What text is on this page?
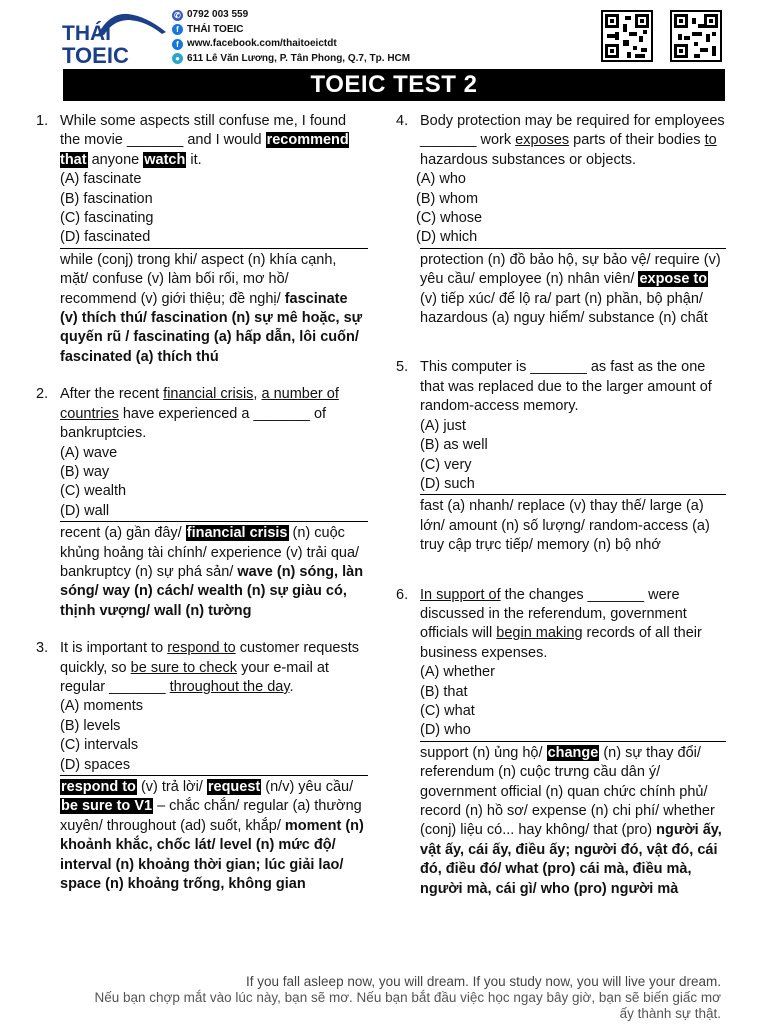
THÁI
TOEIC
✆ 0792 003 559
f THÁI TOEIC
f www.facebook.com/thaitoeictdt
● 611 Lê Văn Lương, P. Tân Phong, Q.7, Tp. HCM
TOEIC TEST 2
1. While some aspects still confuse me, I found the movie _______ and I would recommend that anyone watch it.
(A) fascinate
(B) fascination
(C) fascinating
(D) fascinated
while (conj) trong khi/ aspect (n) khía cạnh, mặt/ confuse (v) làm bối rối, mơ hồ/ recommend (v) giới thiệu; đề nghị/ fascinate (v) thích thú/ fascination (n) sự mê hoặc, sự quyến rũ / fascinating (a) hấp dẫn, lôi cuốn/ fascinated (a) thích thú
2. After the recent financial crisis, a number of countries have experienced a _______ of bankruptcies.
(A) wave
(B) way
(C) wealth
(D) wall
recent (a) gần đây/ financial crisis (n) cuộc khủng hoảng tài chính/ experience (v) trải qua/ bankruptcy (n) sự phá sản/ wave (n) sóng, làn sóng/ way (n) cách/ wealth (n) sự giàu có, thịnh vượng/ wall (n) tường
3. It is important to respond to customer requests quickly, so be sure to check your e-mail at regular _______ throughout the day.
(A) moments
(B) levels
(C) intervals
(D) spaces
respond to (v) trả lời/ request (n/v) yêu cầu/ be sure to V1 – chắc chắn/ regular (a) thường xuyên/ throughout (ad) suốt, khắp/ moment (n) khoảnh khắc, chốc lát/ level (n) mức độ/ interval (n) khoảng thời gian; lúc giải lao/ space (n) khoảng trống, không gian
4. Body protection may be required for employees _______ work exposes parts of their bodies to hazardous substances or objects.
(A) who
(B) whom
(C) whose
(D) which
protection (n) đồ bảo hộ, sự bảo vệ/ require (v) yêu cầu/ employee (n) nhân viên/ expose to (v) tiếp xúc/ để lộ ra/ part (n) phần, bộ phận/ hazardous (a) nguy hiểm/ substance (n) chất
5. This computer is _______ as fast as the one that was replaced due to the larger amount of random-access memory.
(A) just
(B) as well
(C) very
(D) such
fast (a) nhanh/ replace (v) thay thế/ large (a) lớn/ amount (n) số lượng/ random-access (a) truy cập trực tiếp/ memory (n) bộ nhớ
6. In support of the changes _______ were discussed in the referendum, government officials will begin making records of all their business expenses.
(A) whether
(B) that
(C) what
(D) who
support (n) ủng hộ/ change (n) sự thay đổi/ referendum (n) cuộc trưng cầu dân ý/ government official (n) quan chức chính phủ/ record (n) hồ sơ/ expense (n) chi phí/ whether (conj) liệu có... hay không/ that (pro) người ấy, vật ấy, cái ấy, điều ấy; người đó, vật đó, cái đó, điều đó/ what (pro) cái mà, điều mà, người mà, cái gì/ who (pro) người mà
If you fall asleep now, you will dream. If you study now, you will live your dream.
Nếu bạn chợp mắt vào lúc này, bạn sẽ mơ. Nếu bạn bắt đầu việc học ngay bây giờ, bạn sẽ biến giấc mơ
ấy thành sự thật.
